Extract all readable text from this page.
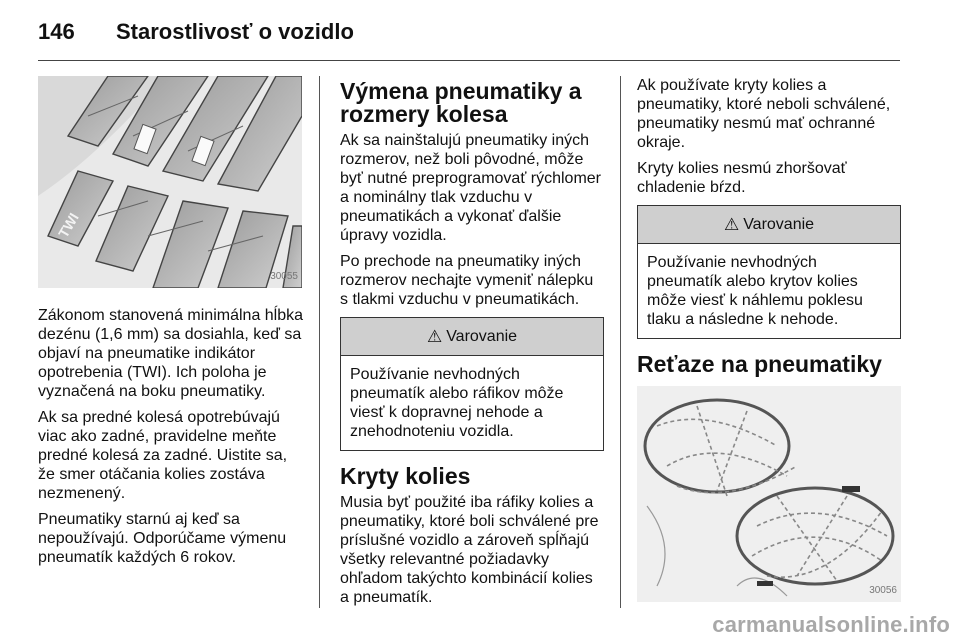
146	Starostlivosť o vozidlo
TWI
30055

Zákonom stanovená minimálna hĺbka dezénu (1,6 mm) sa dosiahla, keď sa objaví na pneumatike indikátor opotrebenia (TWI). Ich poloha je vyznačená na boku pneumatiky.

Ak sa predné kolesá opotrebúvajú viac ako zadné, pravidelne meňte predné kolesá za zadné. Uistite sa, že smer otáčania kolies zostáva nezmenený.

Pneumatiky starnú aj keď sa nepoužívajú. Odporúčame výmenu pneumatík každých 6 rokov.

Výmena pneumatiky a rozmery kolesa

Ak sa nainštalujú pneumatiky iných rozmerov, než boli pôvodné, môže byť nutné preprogramovať rýchlomer a nominálny tlak vzduchu v pneumatikách a vykonať ďalšie úpravy vozidla.

Po prechode na pneumatiky iných rozmerov nechajte vymeniť nálepku s tlakmi vzduchu v pneumatikách.

⚠ Varovanie
Používanie nevhodných pneumatík alebo ráfikov môže viesť k dopravnej nehode a znehodnoteniu vozidla.
Kryty kolies

Musia byť použité iba ráfiky kolies a pneumatiky, ktoré boli schválené pre príslušné vozidlo a zároveň spĺňajú všetky relevantné požiadavky ohľadom takýchto kombinácií kolies a pneumatík.

Ak používate kryty kolies a pneumatiky, ktoré neboli schválené, pneumatiky nesmú mať ochranné okraje.

Kryty kolies nesmú zhoršovať chladenie bŕzd.

⚠ Varovanie
Používanie nevhodných pneumatík alebo krytov kolies môže viesť k náhlemu poklesu tlaku a následne k nehode.
Reťaze na pneumatiky
30056
carmanualsonline.info
